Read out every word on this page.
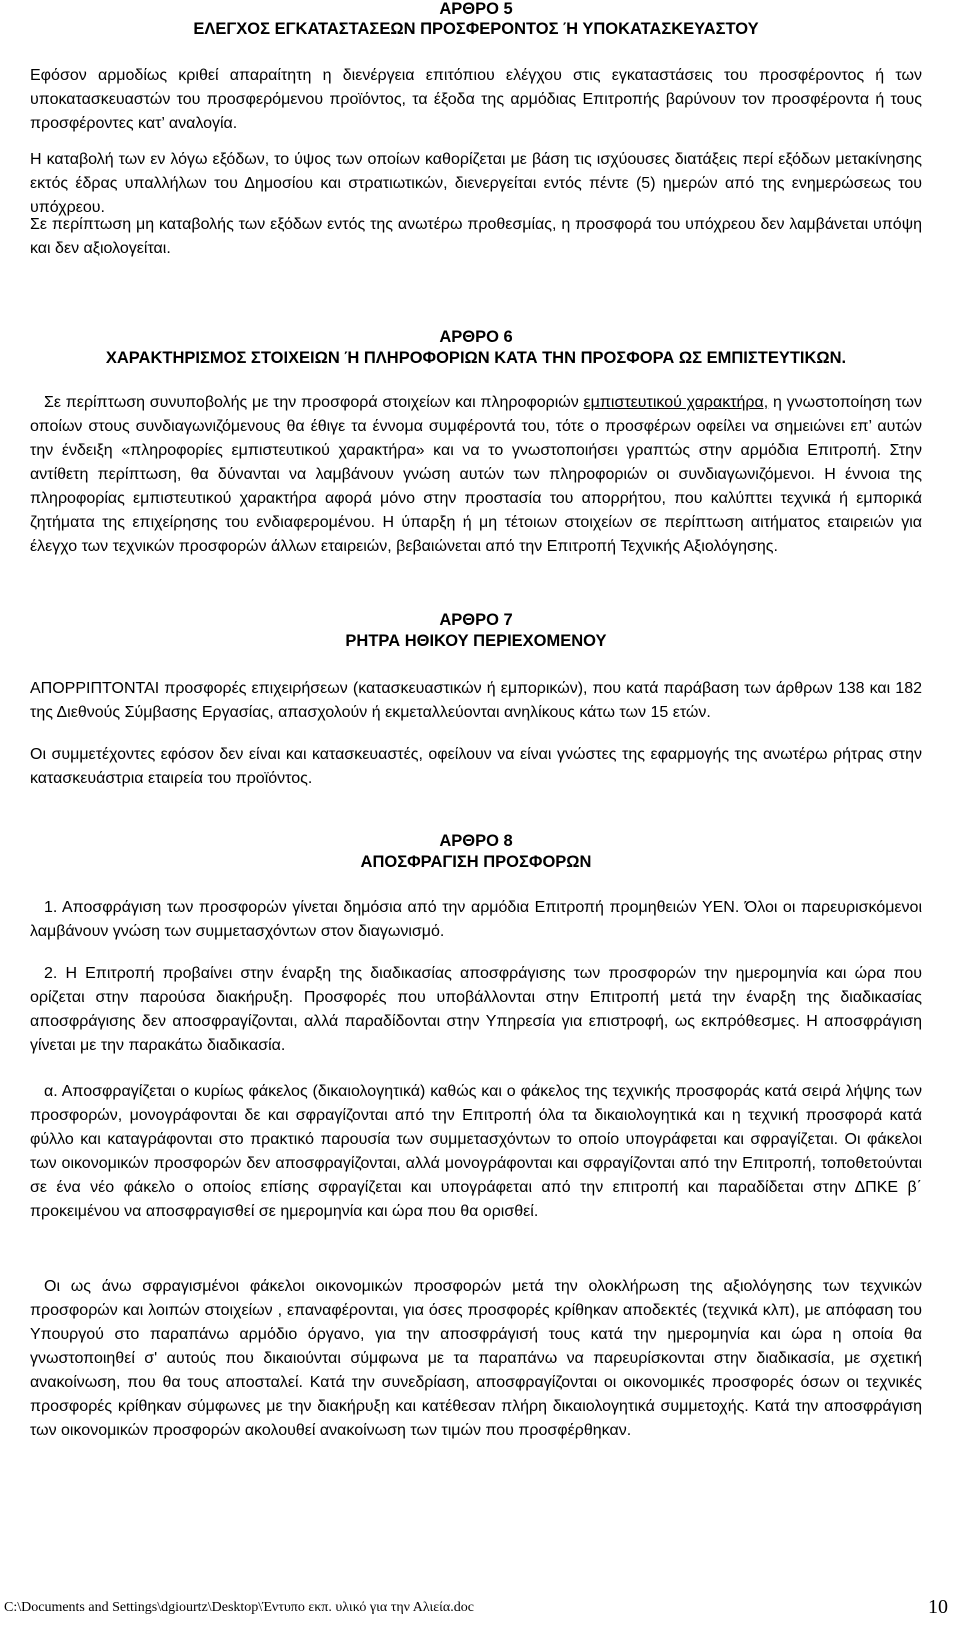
ΑΡΘΡΟ 5

ΕΛΕΓΧΟΣ ΕΓΚΑΤΑΣΤΑΣΕΩΝ ΠΡΟΣΦΕΡΟΝΤΟΣ Ή ΥΠΟΚΑΤΑΣΚΕΥΑΣΤΟΥ

Εφόσον αρμοδίως κριθεί απαραίτητη η διενέργεια επιτόπιου ελέγχου στις εγκαταστάσεις του προσφέροντος ή των υποκατασκευαστών του προσφερόμενου προϊόντος, τα έξοδα της αρμόδιας Επιτροπής βαρύνουν τον προσφέροντα ή τους προσφέροντες κατ’ αναλογία.

Η καταβολή των εν λόγω εξόδων, το ύψος των οποίων καθορίζεται με βάση τις ισχύουσες διατάξεις περί εξόδων μετακίνησης εκτός έδρας υπαλλήλων του Δημοσίου και στρατιωτικών, διενεργείται εντός πέντε (5) ημερών από της ενημερώσεως του υπόχρεου.

Σε περίπτωση μη καταβολής των εξόδων εντός της ανωτέρω προθεσμίας, η προσφορά του υπόχρεου δεν λαμβάνεται υπόψη και δεν αξιολογείται.

ΑΡΘΡΟ 6

ΧΑΡΑΚΤΗΡΙΣΜΟΣ ΣΤΟΙΧΕΙΩΝ Ή ΠΛΗΡΟΦΟΡΙΩΝ ΚΑΤΑ ΤΗΝ ΠΡΟΣΦΟΡΑ ΩΣ ΕΜΠΙΣΤΕΥΤΙΚΩΝ.

Σε περίπτωση συνυποβολής με την προσφορά στοιχείων και πληροφοριών εμπιστευτικού χαρακτήρα, η γνωστοποίηση των οποίων στους συνδιαγωνιζόμενους θα έθιγε τα έννομα συμφέροντά του, τότε ο προσφέρων οφείλει να σημειώνει επ’ αυτών την ένδειξη «πληροφορίες εμπιστευτικού χαρακτήρα» και να το γνωστοποιήσει γραπτώς στην αρμόδια Επιτροπή. Στην αντίθετη περίπτωση, θα δύνανται να λαμβάνουν γνώση αυτών των πληροφοριών οι συνδιαγωνιζόμενοι. Η έννοια της πληροφορίας εμπιστευτικού χαρακτήρα αφορά μόνο στην προστασία του απορρήτου, που καλύπτει τεχνικά ή εμπορικά ζητήματα της επιχείρησης του ενδιαφερομένου. Η ύπαρξη ή μη τέτοιων στοιχείων σε περίπτωση αιτήματος εταιρειών για έλεγχο των τεχνικών προσφορών άλλων εταιρειών, βεβαιώνεται από την Επιτροπή Τεχνικής Αξιολόγησης.

ΑΡΘΡΟ 7

ΡΗΤΡΑ ΗΘΙΚΟΥ ΠΕΡΙΕΧΟΜΕΝΟΥ

ΑΠΟΡΡΙΠΤΟΝΤΑΙ προσφορές επιχειρήσεων (κατασκευαστικών ή εμπορικών), που κατά παράβαση των άρθρων 138 και 182 της Διεθνούς Σύμβασης Εργασίας, απασχολούν ή εκμεταλλεύονται ανηλίκους κάτω των 15 ετών.

Οι συμμετέχοντες εφόσον δεν είναι και κατασκευαστές, οφείλουν να είναι γνώστες της εφαρμογής της ανωτέρω ρήτρας στην κατασκευάστρια εταιρεία του προϊόντος.

ΑΡΘΡΟ 8

ΑΠΟΣΦΡΑΓΙΣΗ ΠΡΟΣΦΟΡΩΝ

1. Αποσφράγιση των προσφορών γίνεται δημόσια από την αρμόδια Επιτροπή προμηθειών ΥΕΝ. Όλοι οι παρευρισκόμενοι λαμβάνουν γνώση των συμμετασχόντων στον διαγωνισμό.

2. Η Επιτροπή προβαίνει στην έναρξη της διαδικασίας αποσφράγισης των προσφορών την ημερομηνία και ώρα που ορίζεται στην παρούσα διακήρυξη. Προσφορές που υποβάλλονται στην Επιτροπή μετά την έναρξη της διαδικασίας αποσφράγισης δεν αποσφραγίζονται, αλλά παραδίδονται στην Υπηρεσία για επιστροφή, ως εκπρόθεσμες. Η αποσφράγιση γίνεται με την παρακάτω διαδικασία.

α. Αποσφραγίζεται ο κυρίως φάκελος (δικαιολογητικά) καθώς και ο φάκελος της τεχνικής προσφοράς κατά σειρά λήψης των προσφορών, μονογράφονται δε και σφραγίζονται από την Επιτροπή όλα τα δικαιολογητικά και η τεχνική προσφορά κατά φύλλο και καταγράφονται στο πρακτικό παρουσία των συμμετασχόντων το οποίο υπογράφεται και σφραγίζεται. Οι φάκελοι των οικονομικών προσφορών δεν αποσφραγίζονται, αλλά μονογράφονται και σφραγίζονται από την Επιτροπή, τοποθετούνται σε ένα νέο φάκελο ο οποίος επίσης σφραγίζεται και υπογράφεται από την επιτροπή και παραδίδεται στην ΔΠΚΕ β΄ προκειμένου να αποσφραγισθεί σε ημερομηνία και ώρα που θα ορισθεί.

Οι ως άνω σφραγισμένοι φάκελοι οικονομικών προσφορών μετά την ολοκλήρωση της αξιολόγησης των τεχνικών προσφορών και λοιπών στοιχείων , επαναφέρονται, για όσες προσφορές κρίθηκαν αποδεκτές (τεχνικά κλπ), με απόφαση του Υπουργού στο παραπάνω αρμόδιο όργανο, για την αποσφράγισή τους κατά την ημερομηνία και ώρα η οποία θα γνωστοποιηθεί σ' αυτούς που δικαιούνται σύμφωνα με τα παραπάνω να παρευρίσκονται στην διαδικασία, με σχετική ανακοίνωση, που θα τους αποσταλεί. Κατά την συνεδρίαση, αποσφραγίζονται οι οικονομικές προσφορές όσων οι τεχνικές προσφορές κρίθηκαν σύμφωνες με την διακήρυξη και κατέθεσαν πλήρη δικαιολογητικά συμμετοχής. Κατά την αποσφράγιση των οικονομικών προσφορών ακολουθεί ανακοίνωση των τιμών που προσφέρθηκαν.

C:\Documents and Settings\dgiourtz\Desktop\Έντυπο εκπ. υλικό για την Αλιεία.doc	10
